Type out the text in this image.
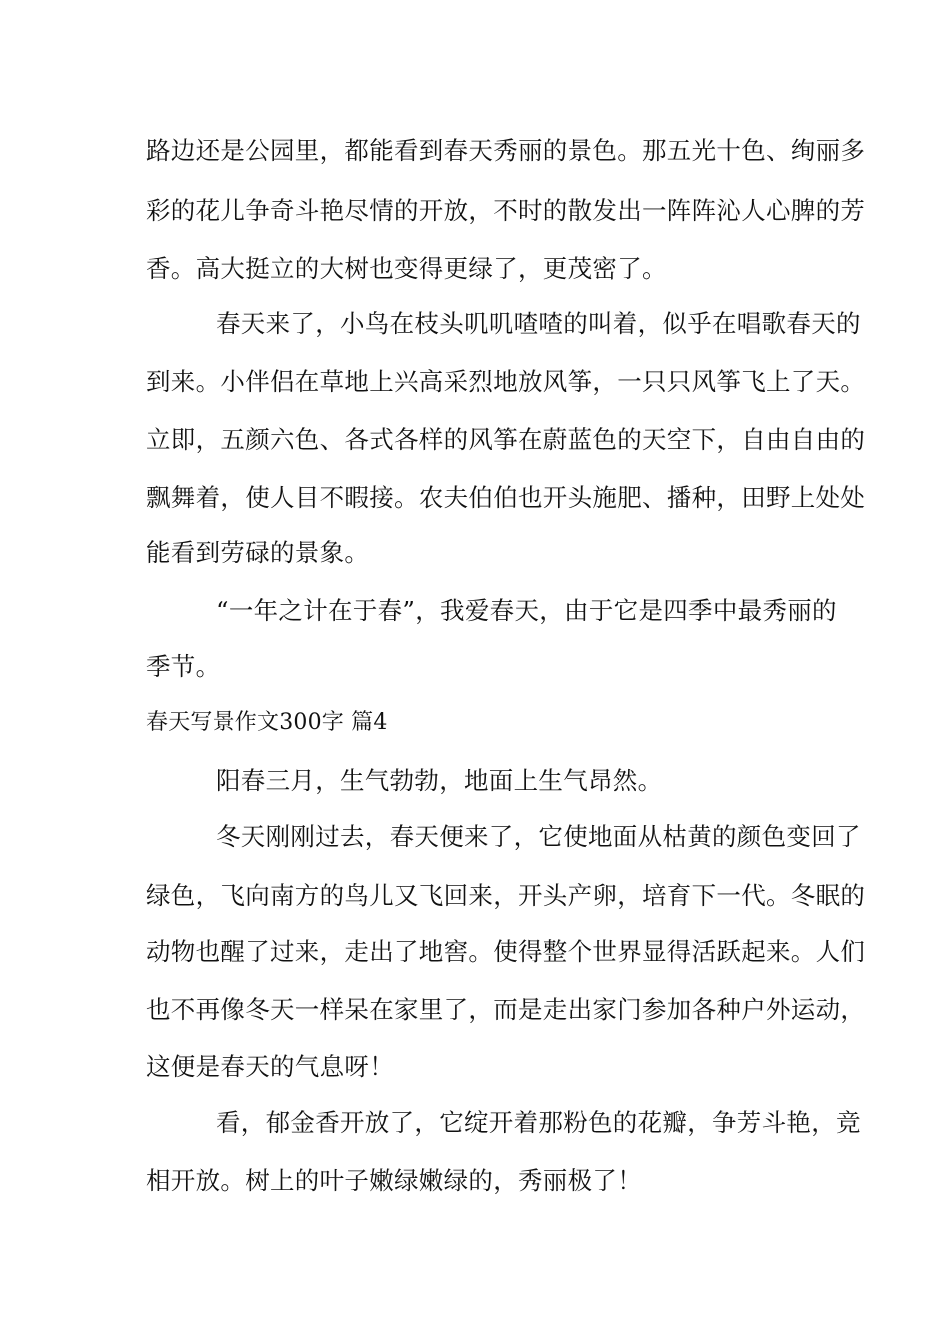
路边还是公园里，都能看到春天秀丽的景色。那五光十色、绚丽多
彩的花儿争奇斗艳尽情的开放，不时的散发出一阵阵沁人心脾的芳
香。高大挺立的大树也变得更绿了，更茂密了。
春天来了，小鸟在枝头叽叽喳喳的叫着，似乎在唱歌春天的
到来。小伴侣在草地上兴高采烈地放风筝，一只只风筝飞上了天。
立即，五颜六色、各式各样的风筝在蔚蓝色的天空下，自由自由的
飘舞着，使人目不暇接。农夫伯伯也开头施肥、播种，田野上处处
能看到劳碌的景象。
“一年之计在于春”，我爱春天，由于它是四季中最秀丽的
季节。
春天写景作文300字 篇4
阳春三月，生气勃勃，地面上生气昂然。
冬天刚刚过去，春天便来了，它使地面从枯黄的颜色变回了
绿色，飞向南方的鸟儿又飞回来，开头产卵，培育下一代。冬眠的
动物也醒了过来，走出了地窖。使得整个世界显得活跃起来。人们
也不再像冬天一样呆在家里了，而是走出家门参加各种户外运动，
这便是春天的气息呀！
看，郁金香开放了，它绽开着那粉色的花瓣，争芳斗艳，竞
相开放。树上的叶子嫩绿嫩绿的，秀丽极了！
